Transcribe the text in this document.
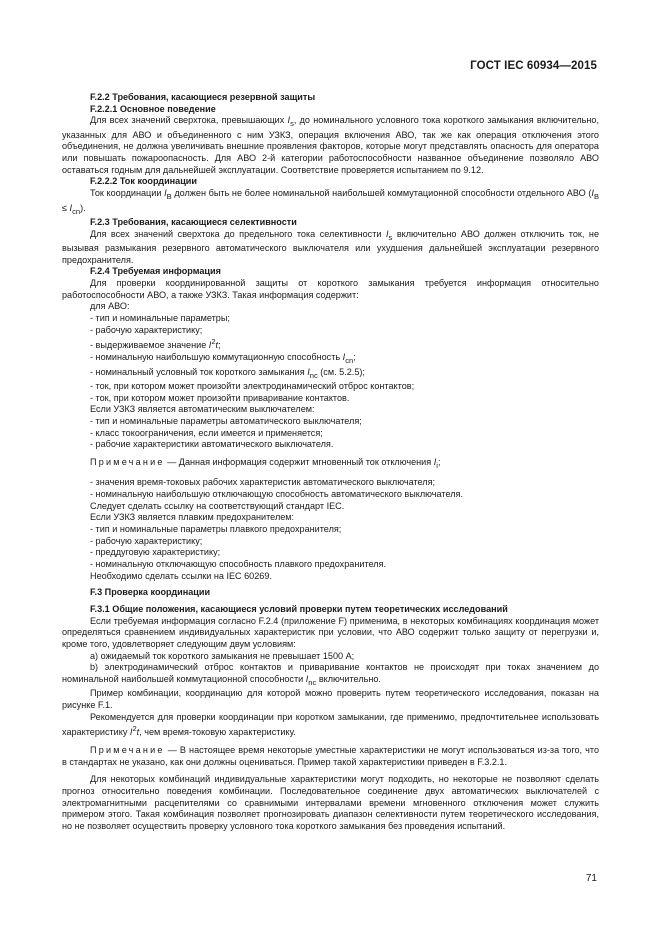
ГОСТ IEC 60934—2015

F.2.2 Требования, касающиеся резервной защиты

F.2.2.1 Основное поведение

Для всех значений сверхтока, превышающих $I_s$, до номинального условного тока короткого замыкания включительно, указанных для АВО и объединенного с ним УЗКЗ, операция включения АВО, так же как операция отключения этого объединения, не должна увеличивать внешние проявления факторов, которые могут представлять опасность для оператора или повышать пожароопасность. Для АВО 2-й категории работоспособности названное объединение позволяло АВО оставаться годным для дальнейшей эксплуатации. Соответствие проверяется испытанием по 9.12.

F.2.2.2 Ток координации

Ток координации $I_B$ должен быть не более номинальной наибольшей коммутационной способности отдельного АВО $(I_B \le I_{cn})$.

F.2.3 Требования, касающиеся селективности

Для всех значений сверхтока до предельного тока селективности $I_s$ включительно АВО должен отключить ток, не вызывая размыкания резервного автоматического выключателя или ухудшения дальнейшей эксплуатации резервного предохранителя.

F.2.4 Требуемая информация

Для проверки координированной защиты от короткого замыкания требуется информация относительно работоспособности АВО, а также УЗКЗ. Такая информация содержит:

для АВО:

- тип и номинальные параметры;

- рабочую характеристику;

- выдерживаемое значение $I^2t$;

- номинальную наибольшую коммутационную способность $I_{cn}$;

- номинальный условный ток короткого замыкания $I_{nc}$ (см. 5.2.5);

- ток, при котором может произойти электродинамический отброс контактов;

- ток, при котором может произойти приваривание контактов.

Если УЗКЗ является автоматическим выключателем:

- тип и номинальные параметры автоматического выключателя;

- класс токоограничения, если имеется и применяется;

- рабочие характеристики автоматического выключателя.

Примечание — Данная информация содержит мгновенный ток отключения $I_i$;

- значения время-токовых рабочих характеристик автоматического выключателя;

- номинальную наибольшую отключающую способность автоматического выключателя.

Следует сделать ссылку на соответствующий стандарт IEC.

Если УЗКЗ является плавким предохранителем:

- тип и номинальные параметры плавкого предохранителя;

- рабочую характеристику;

- преддуговую характеристику;

- номинальную отключающую способность плавкого предохранителя.

Необходимо сделать ссылки на IEC 60269.

F.3 Проверка координации

F.3.1 Общие положения, касающиеся условий проверки путем теоретических исследований

Если требуемая информация согласно F.2.4 (приложение F) применима, в некоторых комбинациях координация может определяться сравнением индивидуальных характеристик при условии, что АВО содержит только защиту от перегрузки и, кроме того, удовлетворяет следующим двум условиям:

a) ожидаемый ток короткого замыкания не превышает 1500 А;

b) электродинамический отброс контактов и приваривание контактов не происходят при токах значением до номинальной наибольшей коммутационной способности $I_{nc}$ включительно.

Пример комбинации, координацию для которой можно проверить путем теоретического исследования, показан на рисунке F.1.

Рекомендуется для проверки координации при коротком замыкании, где применимо, предпочтительнее использовать характеристику $I^2t$, чем время-токовую характеристику.

Примечание — В настоящее время некоторые уместные характеристики не могут использоваться из-за того, что в стандартах не указано, как они должны оцениваться. Пример такой характеристики приведен в F.3.2.1.

Для некоторых комбинаций индивидуальные характеристики могут подходить, но некоторые не позволяют сделать прогноз относительно поведения комбинации. Последовательное соединение двух автоматических выключателей с электромагнитными расцепителями со сравнимыми интервалами времени мгновенного отключения может служить примером этого. Такая комбинация позволяет прогнозировать диапазон селективности путем теоретического исследования, но не позволяет осуществить проверку условного тока короткого замыкания без проведения испытаний.

71
